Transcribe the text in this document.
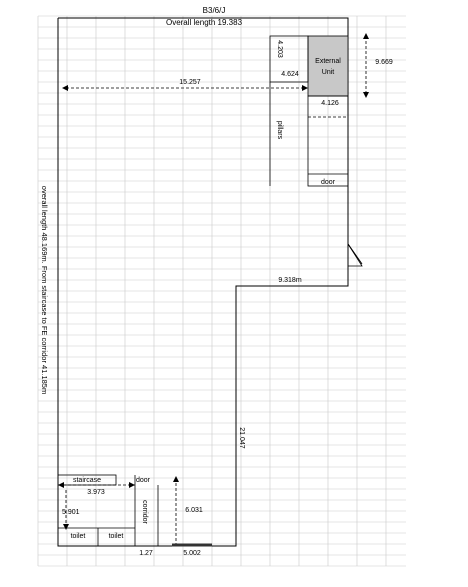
B3/6/J
Overall length 19.383
15.257
4.203
4.624
External
Unit
9.669
4.126
pillars
door
9.318m
21.047
overall length 48.169m. From staircase to FE corridor 41.185m
staircase	door
3.973
5.901	corridor	6.031
toilet	toilet
1.27	5.002
